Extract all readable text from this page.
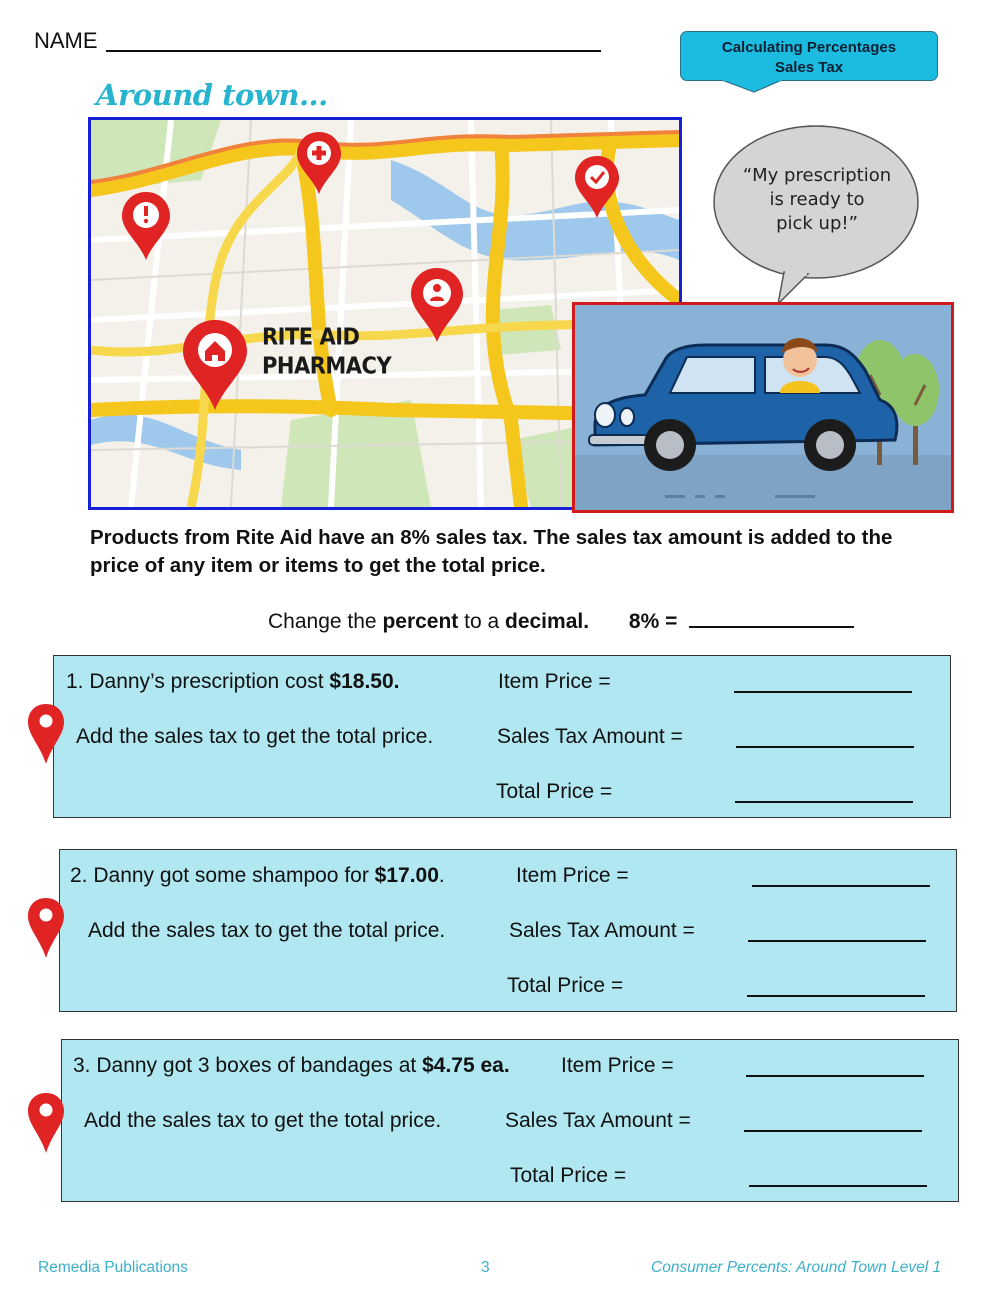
NAME	Calculating Percentages
Sales Tax
Around town...
RITE AID
PHARMACY
“My prescription
is ready to
pick up!”
Products from Rite Aid have an 8% sales tax. The sales tax amount is added to the price of any item or items to get the total price.
Change the percent to a decimal. 8% =
1. Danny’s prescription cost $18.50.
Add the sales tax to get the total price.
Item Price =
Sales Tax Amount =
Total Price =
2. Danny got some shampoo for $17.00.
Add the sales tax to get the total price.
Item Price =
Sales Tax Amount =
Total Price =
3. Danny got 3 boxes of bandages at $4.75 ea.
Add the sales tax to get the total price.
Item Price =
Sales Tax Amount =
Total Price =
Remedia Publications	3	Consumer Percents: Around Town Level 1
